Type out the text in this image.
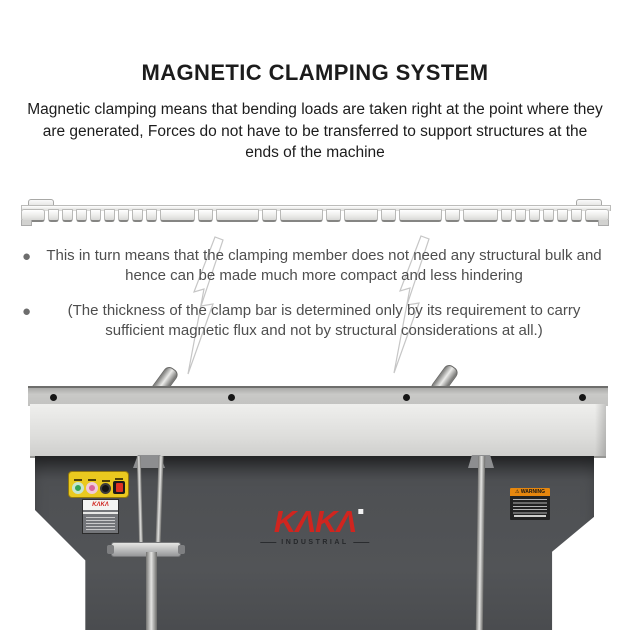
MAGNETIC CLAMPING SYSTEM
Magnetic clamping means that bending loads are taken right at the point where they are generated, Forces do not have to be transferred to support structures at the ends of the machine
●	This in turn means that the clamping member does not need any structural bulk and hence can be made much more compact and less hindering
●	(The thickness of the clamp bar is determined only by its requirement to carry sufficient magnetic flux and not by structural considerations at all.)
KΛKΛ	KΛKΛ
INDUSTRIAL
⚠
WARNING
